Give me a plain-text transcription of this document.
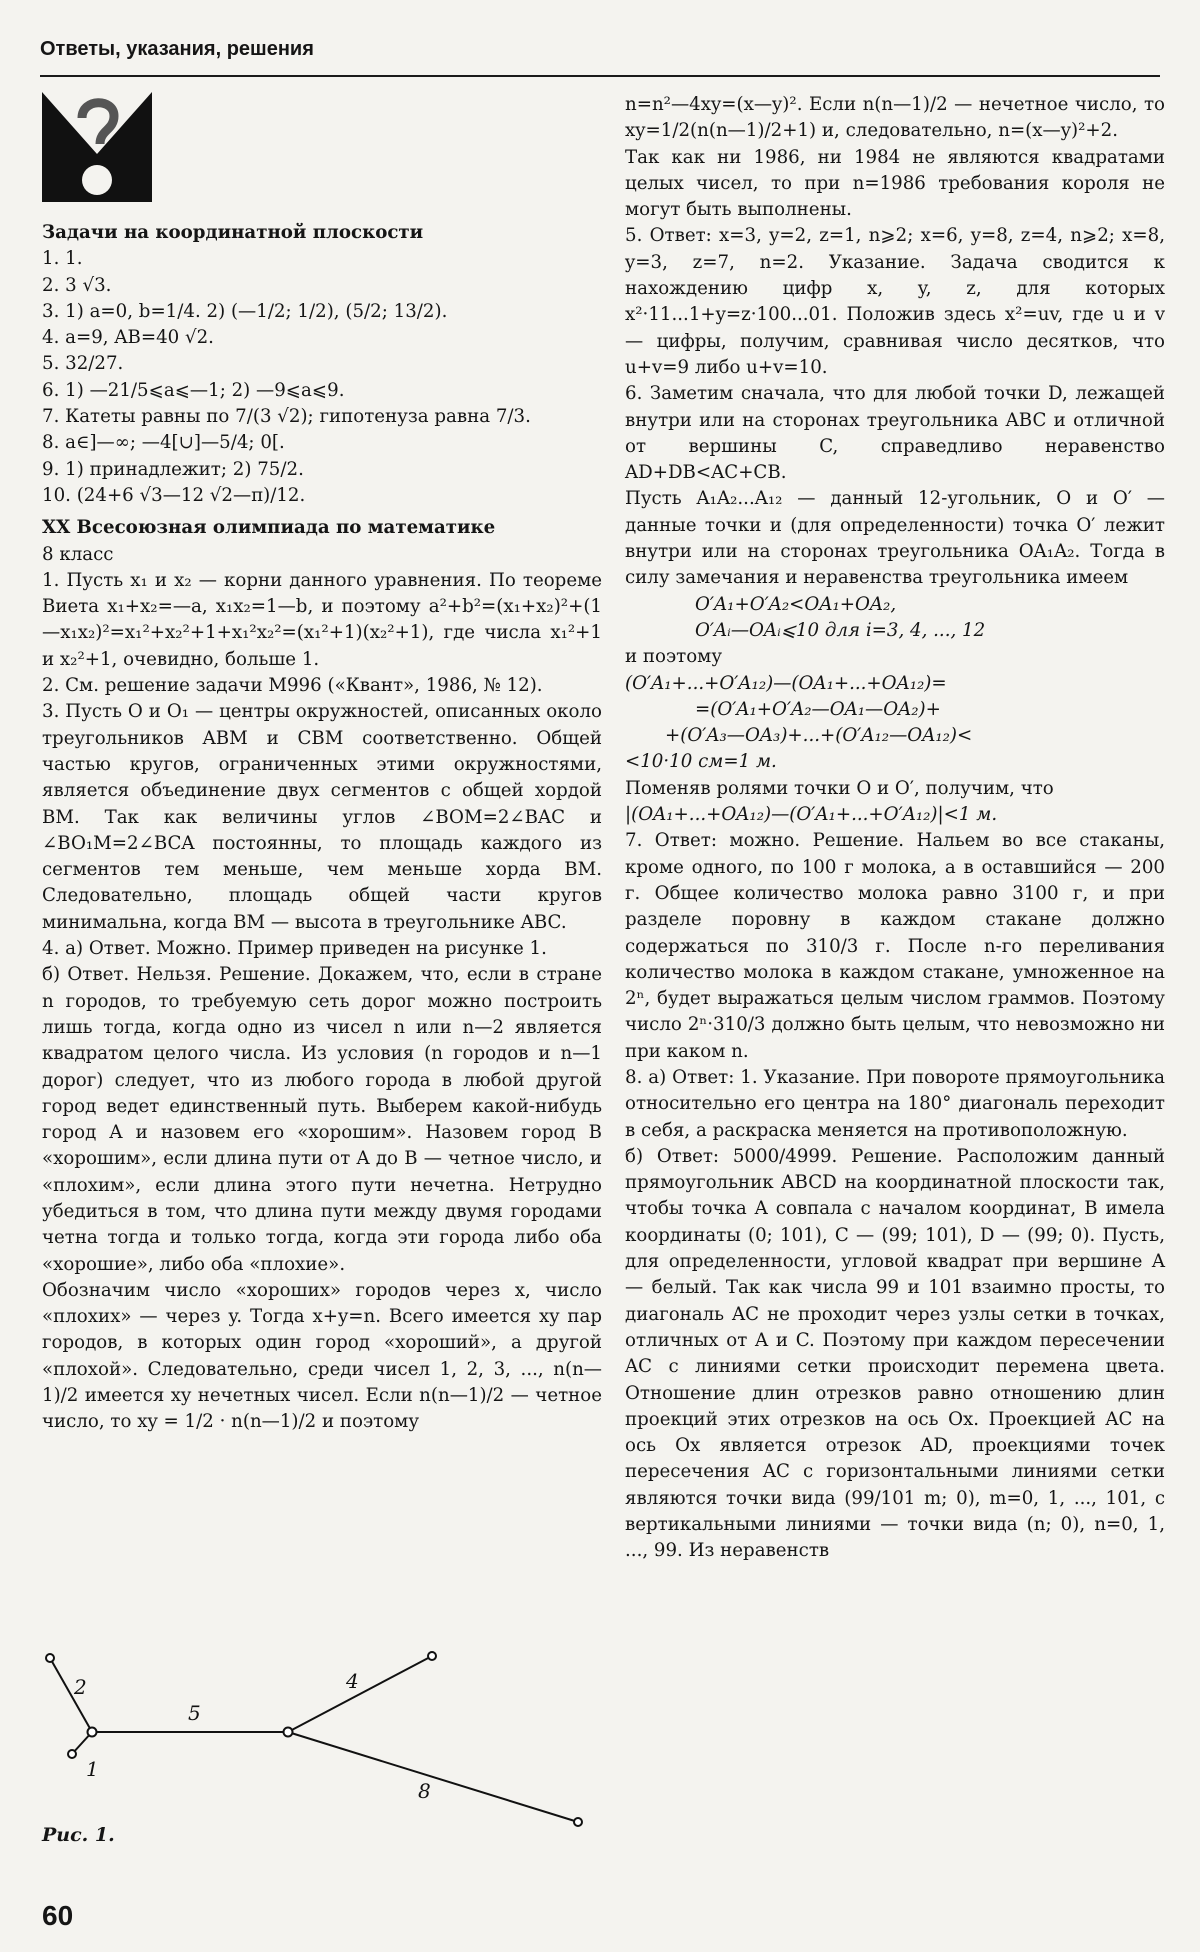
Ответы, указания, решения

Задачи на координатной плоскости

1. 1.

2. 3 √3.

3. 1) a=0, b=1/4. 2) (—1/2; 1/2), (5/2; 13/2).

4. a=9, AB=40 √2.

5. 32/27.

6. 1) —21/5⩽a⩽—1; 2) —9⩽a⩽9.

7. Катеты равны по 7/(3 √2); гипотенуза равна 7/3.

8. a∈]—∞; —4[∪]—5/4; 0[.

9. 1) принадлежит; 2) 75/2.

10. (24+6 √3—12 √2—π)/12.

XX Всесоюзная олимпиада по математике

8 класс

1. Пусть x₁ и x₂ — корни данного уравнения. По теореме Виета x₁+x₂=—a, x₁x₂=1—b, и поэтому a²+b²=(x₁+x₂)²+(1—x₁x₂)²=x₁²+x₂²+1+x₁²x₂²=(x₁²+1)(x₂²+1), где числа x₁²+1 и x₂²+1, очевидно, больше 1.

2. См. решение задачи М996 («Квант», 1986, № 12).

3. Пусть O и O₁ — центры окружностей, описанных около треугольников ABM и CBM соответственно. Общей частью кругов, ограниченных этими окружностями, является объединение двух сегментов с общей хордой BM. Так как величины углов ∠BOM=2∠BAC и ∠BO₁M=2∠BCA постоянны, то площадь каждого из сегментов тем меньше, чем меньше хорда BM. Следовательно, площадь общей части кругов минимальна, когда BM — высота в треугольнике ABC.

4. а) Ответ. Можно. Пример приведен на рисунке 1.

б) Ответ. Нельзя. Решение. Докажем, что, если в стране n городов, то требуемую сеть дорог можно построить лишь тогда, когда одно из чисел n или n—2 является квадратом целого числа. Из условия (n городов и n—1 дорог) следует, что из любого города в любой другой город ведет единственный путь. Выберем какой-нибудь город A и назовем его «хорошим». Назовем город B «хорошим», если длина пути от A до B — четное число, и «плохим», если длина этого пути нечетна. Нетрудно убедиться в том, что длина пути между двумя городами четна тогда и только тогда, когда эти города либо оба «хорошие», либо оба «плохие».

Обозначим число «хороших» городов через x, число «плохих» — через y. Тогда x+y=n. Всего имеется xy пар городов, в которых один город «хороший», а другой «плохой». Следовательно, среди чисел 1, 2, 3, ..., n(n—1)/2 имеется xy нечетных чисел. Если n(n—1)/2 — четное число, то xy = 1/2 · n(n—1)/2 и поэтому

1
2
5
4
8
Рис. 1.

n=n²—4xy=(x—y)². Если n(n—1)/2 — нечетное число, то xy=1/2(n(n—1)/2+1) и, следовательно, n=(x—y)²+2.

Так как ни 1986, ни 1984 не являются квадратами целых чисел, то при n=1986 требования короля не могут быть выполнены.

5. Ответ: x=3, y=2, z=1, n⩾2; x=6, y=8, z=4, n⩾2; x=8, y=3, z=7, n=2. Указание. Задача сводится к нахождению цифр x, y, z, для которых x²·11...1+y=z·100...01. Положив здесь x²=uv, где u и v — цифры, получим, сравнивая число десятков, что u+v=9 либо u+v=10.

6. Заметим сначала, что для любой точки D, лежащей внутри или на сторонах треугольника ABC и отличной от вершины C, справедливо неравенство AD+DB<AC+CB.

Пусть A₁A₂...A₁₂ — данный 12-угольник, O и O′ — данные точки и (для определенности) точка O′ лежит внутри или на сторонах треугольника OA₁A₂. Тогда в силу замечания и неравенства треугольника имеем

O′A₁+O′A₂<OA₁+OA₂,

O′Aᵢ—OAᵢ⩽10 для i=3, 4, ..., 12

и поэтому

(O′A₁+...+O′A₁₂)—(OA₁+...+OA₁₂)=

=(O′A₁+O′A₂—OA₁—OA₂)+

+(O′A₃—OA₃)+...+(O′A₁₂—OA₁₂)<

<10·10 см=1 м.

Поменяв ролями точки O и O′, получим, что

|(OA₁+...+OA₁₂)—(O′A₁+...+O′A₁₂)|<1 м.

7. Ответ: можно. Решение. Нальем во все стаканы, кроме одного, по 100 г молока, а в оставшийся — 200 г. Общее количество молока равно 3100 г, и при разделе поровну в каждом стакане должно содержаться по 310/3 г. После n-го переливания количество молока в каждом стакане, умноженное на 2ⁿ, будет выражаться целым числом граммов. Поэтому число 2ⁿ·310/3 должно быть целым, что невозможно ни при каком n.

8. а) Ответ: 1. Указание. При повороте прямоугольника относительно его центра на 180° диагональ переходит в себя, а раскраска меняется на противоположную.

б) Ответ: 5000/4999. Решение. Расположим данный прямоугольник ABCD на координатной плоскости так, чтобы точка A совпала с началом координат, B имела координаты (0; 101), C — (99; 101), D — (99; 0). Пусть, для определенности, угловой квадрат при вершине A — белый. Так как числа 99 и 101 взаимно просты, то диагональ AC не проходит через узлы сетки в точках, отличных от A и C. Поэтому при каждом пересечении AC с линиями сетки происходит перемена цвета. Отношение длин отрезков равно отношению длин проекций этих отрезков на ось Ox. Проекцией AC на ось Ox является отрезок AD, проекциями точек пересечения AC с горизонтальными линиями сетки являются точки вида (99/101 m; 0), m=0, 1, ..., 101, с вертикальными линиями — точки вида (n; 0), n=0, 1, ..., 99. Из неравенств

60
